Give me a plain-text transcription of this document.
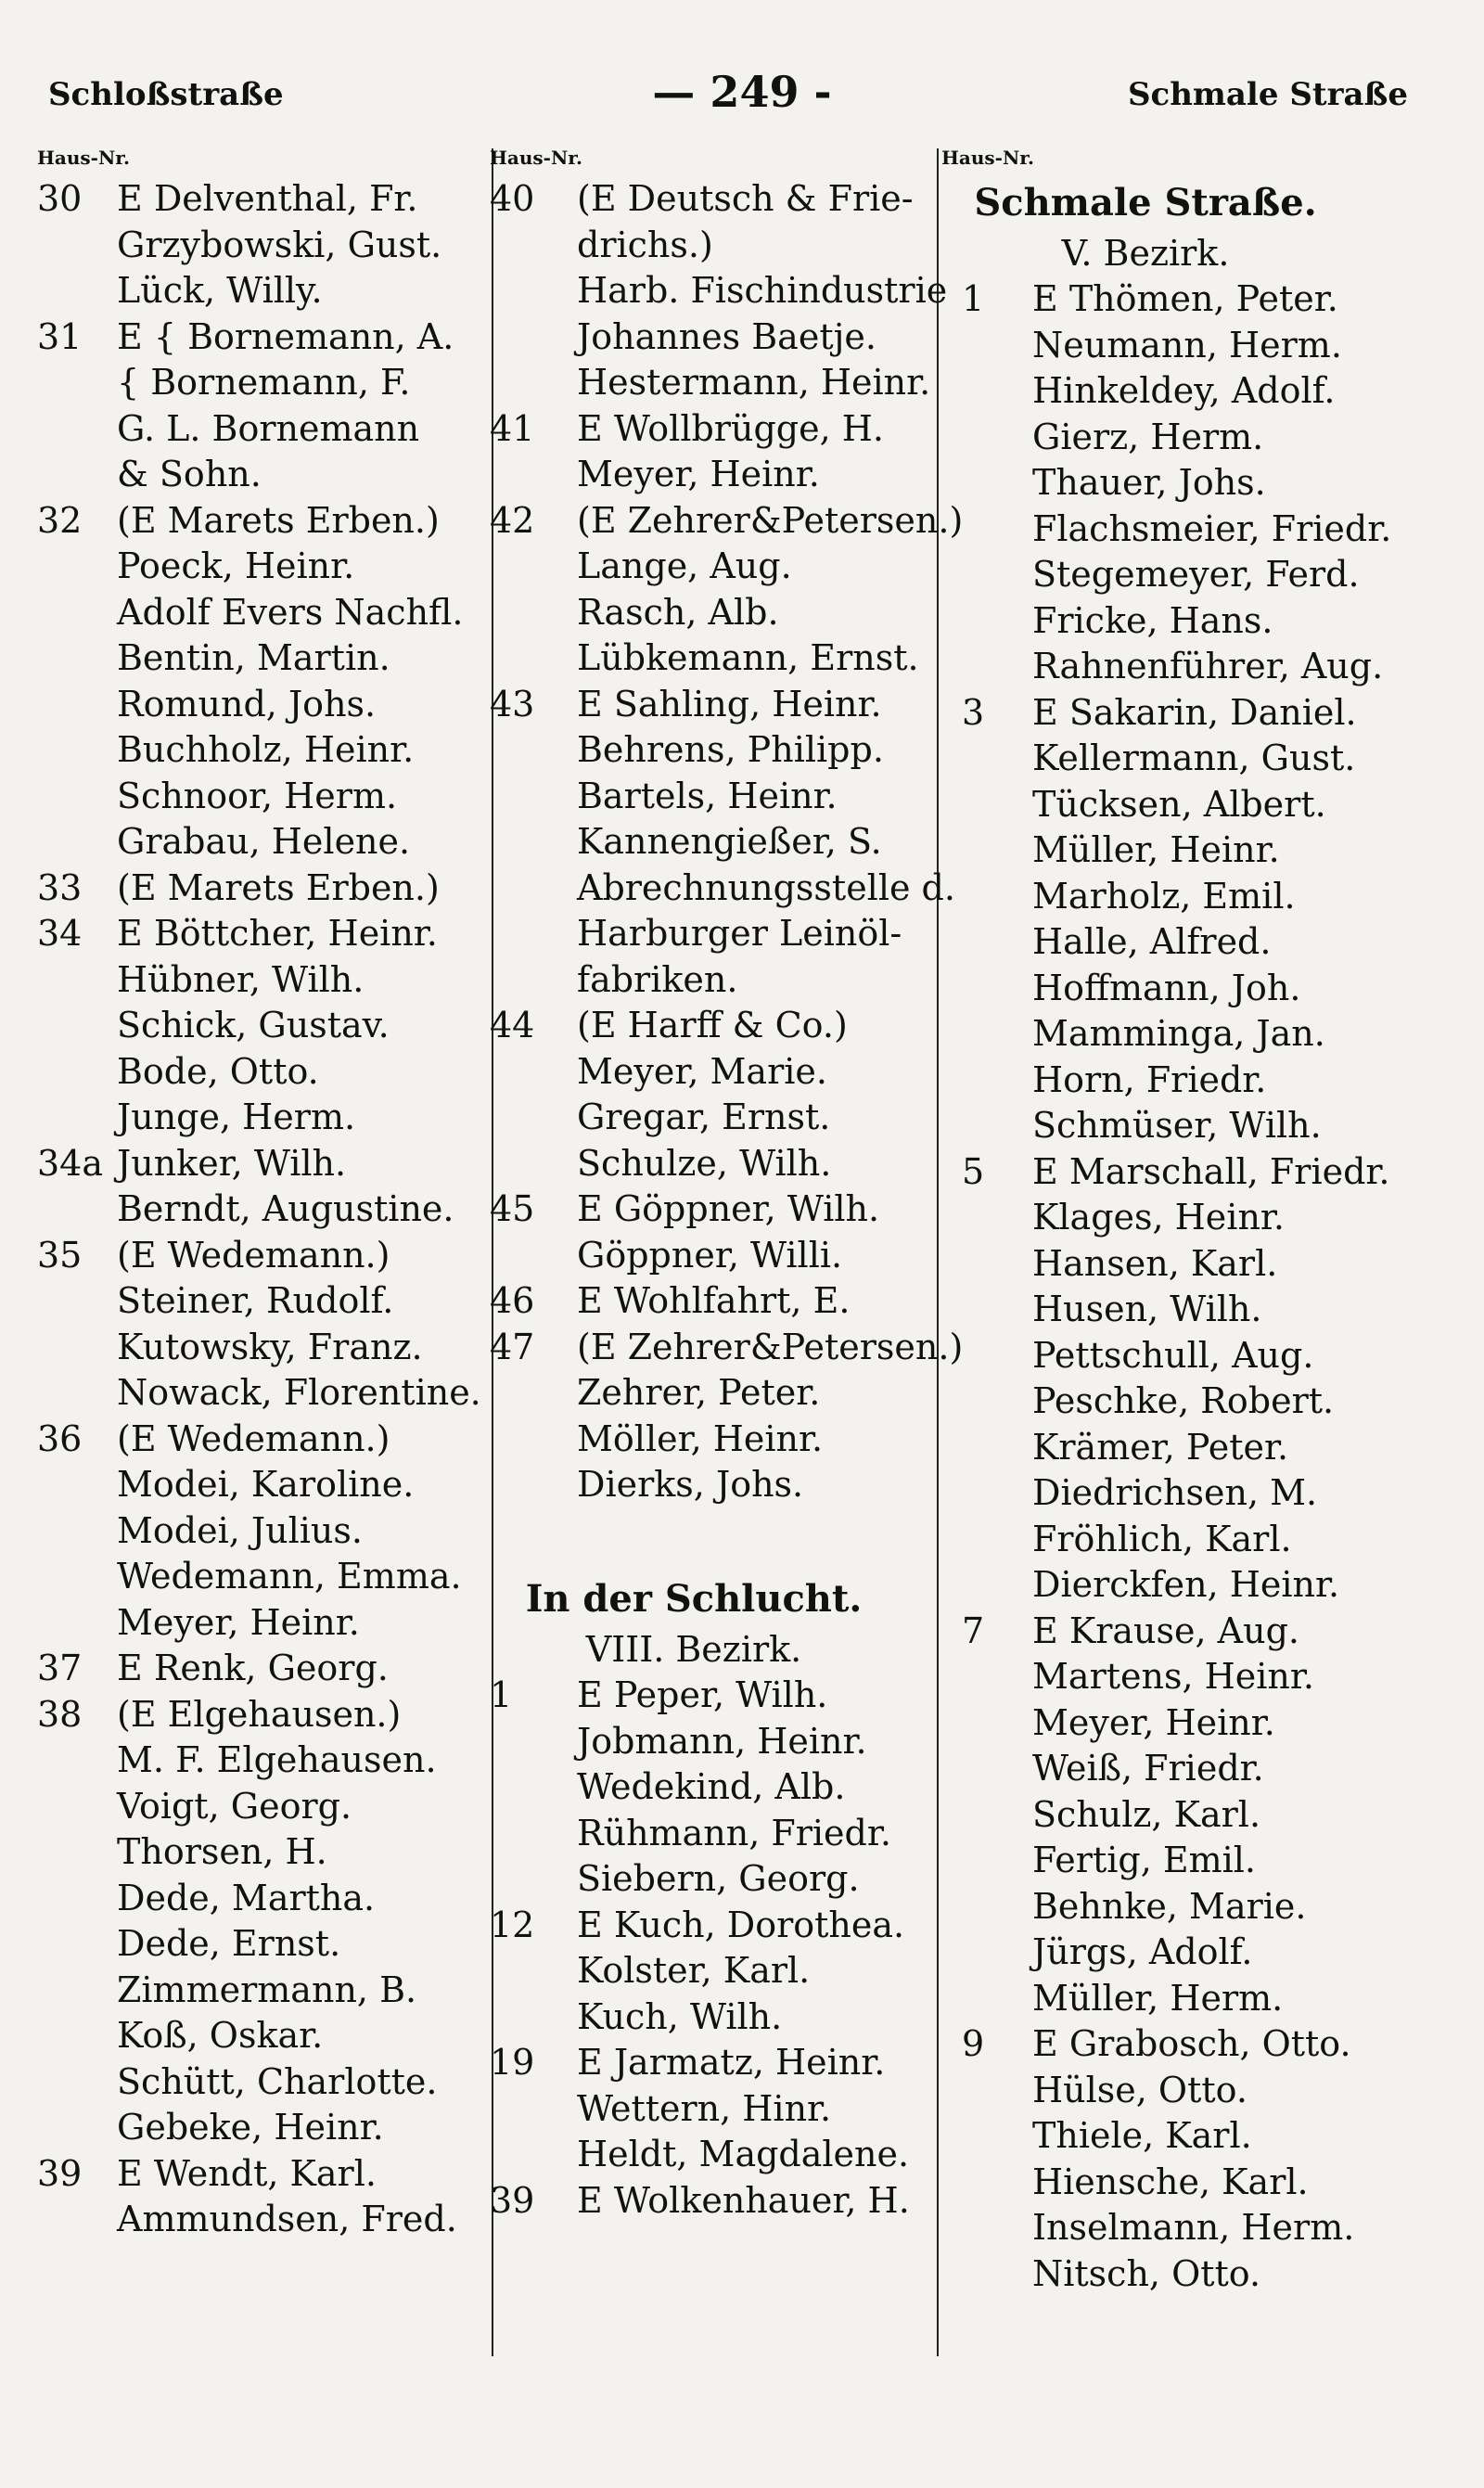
Schloßstraße	— 249 -	Schmale Straße
Haus-Nr.
30 E Delventhal, Fr.
Grzybowski, Gust.
Lück, Willy.
31 E { Bornemann, A.
{ Bornemann, F.
G. L. Bornemann
& Sohn.
32 (E Marets Erben.)
Poeck, Heinr.
Adolf Evers Nachfl.
Bentin, Martin.
Romund, Johs.
Buchholz, Heinr.
Schnoor, Herm.
Grabau, Helene.
33 (E Marets Erben.)
34 E Böttcher, Heinr.
Hübner, Wilh.
Schick, Gustav.
Bode, Otto.
Junge, Herm.
34a Junker, Wilh.
Berndt, Augustine.
35 (E Wedemann.)
Steiner, Rudolf.
Kutowsky, Franz.
Nowack, Florentine.
36 (E Wedemann.)
Modei, Karoline.
Modei, Julius.
Wedemann, Emma.
Meyer, Heinr.
37 E Renk, Georg.
38 (E Elgehausen.)
M. F. Elgehausen.
Voigt, Georg.
Thorsen, H.
Dede, Martha.
Dede, Ernst.
Zimmermann, B.
Koß, Oskar.
Schütt, Charlotte.
Gebeke, Heinr.
39 E Wendt, Karl.
Ammundsen, Fred.
Haus-Nr.
40	(E Deutsch & Frie-
drichs.)
Harb. Fischindustrie
Johannes Baetje.
Hestermann, Heinr.
41	E Wollbrügge, H.
Meyer, Heinr.
42	(E Zehrer&Petersen.)
Lange, Aug.
Rasch, Alb.
Lübkemann, Ernst.
43	E Sahling, Heinr.
Behrens, Philipp.
Bartels, Heinr.
Kannengießer, S.
Abrechnungsstelle d.
Harburger Leinöl-
fabriken.
44	(E Harff & Co.)
Meyer, Marie.
Gregar, Ernst.
Schulze, Wilh.
45	E Göppner, Wilh.
Göppner, Willi.
46	E Wohlfahrt, E.
47	(E Zehrer&Petersen.)
Zehrer, Peter.
Möller, Heinr.
Dierks, Johs.
In der Schlucht.
VIII. Bezirk.
1	E Peper, Wilh.
Jobmann, Heinr.
Wedekind, Alb.
Rühmann, Friedr.
Siebern, Georg.
12	E Kuch, Dorothea.
Kolster, Karl.
Kuch, Wilh.
19	E Jarmatz, Heinr.
Wettern, Hinr.
Heldt, Magdalene.
39	E Wolkenhauer, H.
Haus-Nr.
Schmale Straße.
V. Bezirk.
1	E Thömen, Peter.
Neumann, Herm.
Hinkeldey, Adolf.
Gierz, Herm.
Thauer, Johs.
Flachsmeier, Friedr.
Stegemeyer, Ferd.
Fricke, Hans.
Rahnenführer, Aug.
3	E Sakarin, Daniel.
Kellermann, Gust.
Tücksen, Albert.
Müller, Heinr.
Marholz, Emil.
Halle, Alfred.
Hoffmann, Joh.
Mamminga, Jan.
Horn, Friedr.
Schmüser, Wilh.
5	E Marschall, Friedr.
Klages, Heinr.
Hansen, Karl.
Husen, Wilh.
Pettschull, Aug.
Peschke, Robert.
Krämer, Peter.
Diedrichsen, M.
Fröhlich, Karl.
Dierckfen, Heinr.
7	E Krause, Aug.
Martens, Heinr.
Meyer, Heinr.
Weiß, Friedr.
Schulz, Karl.
Fertig, Emil.
Behnke, Marie.
Jürgs, Adolf.
Müller, Herm.
9	E Grabosch, Otto.
Hülse, Otto.
Thiele, Karl.
Hiensche, Karl.
Inselmann, Herm.
Nitsch, Otto.
